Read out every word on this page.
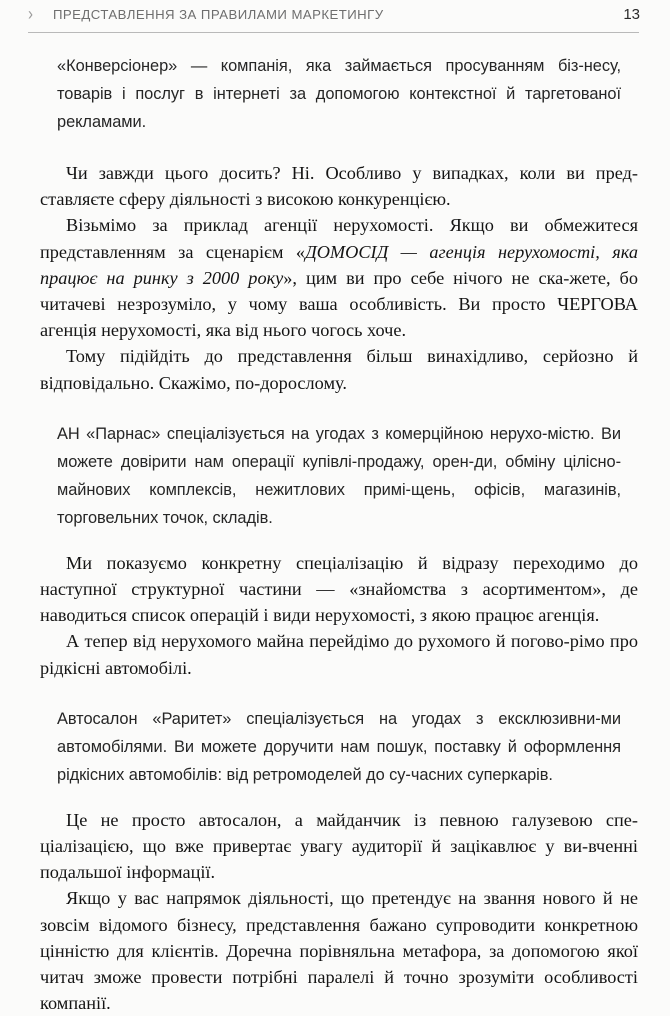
› ПРЕДСТАВЛЕННЯ ЗА ПРАВИЛАМИ МАРКЕТИНГУ	13

«Конверсіонер» — компанія, яка займається просуванням біз-несу, товарів і послуг в інтернеті за допомогою контекстної й таргетованої рекламами.

Чи завжди цього досить? Ні. Особливо у випадках, коли ви пред-ставляєте сферу діяльності з високою конкуренцією.

Візьмімо за приклад агенції нерухомості. Якщо ви обмежитеся представленням за сценарієм «ДОМОСІД — агенція нерухомості, яка працює на ринку з 2000 року», цим ви про себе нічого не ска-жете, бо читачеві незрозуміло, у чому ваша особливість. Ви просто ЧЕРГОВА агенція нерухомості, яка від нього чогось хоче.

Тому підійдіть до представлення більш винахідливо, серйозно й відповідально. Скажімо, по-дорослому.

АН «Парнас» спеціалізується на угодах з комерційною нерухо-містю. Ви можете довірити нам операції купівлі-продажу, орен-ди, обміну цілісно-майнових комплексів, нежитлових примі-щень, офісів, магазинів, торговельних точок, складів.

Ми показуємо конкретну спеціалізацію й відразу переходимо до наступної структурної частини — «знайомства з асортиментом», де наводиться список операцій і види нерухомості, з якою працює агенція.

А тепер від нерухомого майна перейдімо до рухомого й погово-рімо про рідкісні автомобілі.

Автосалон «Раритет» спеціалізується на угодах з ексклюзивни-ми автомобілями. Ви можете доручити нам пошук, поставку й оформлення рідкісних автомобілів: від ретромоделей до су-часних суперкарів.

Це не просто автосалон, а майданчик із певною галузевою спе-ціалізацією, що вже привертає увагу аудиторії й зацікавлює у ви-вченні подальшої інформації.

Якщо у вас напрямок діяльності, що претендує на звання нового й не зовсім відомого бізнесу, представлення бажано супроводити конкретною цінністю для клієнтів. Доречна порівняльна метафора, за допомогою якої читач зможе провести потрібні паралелі й точно зрозуміти особливості компанії.
